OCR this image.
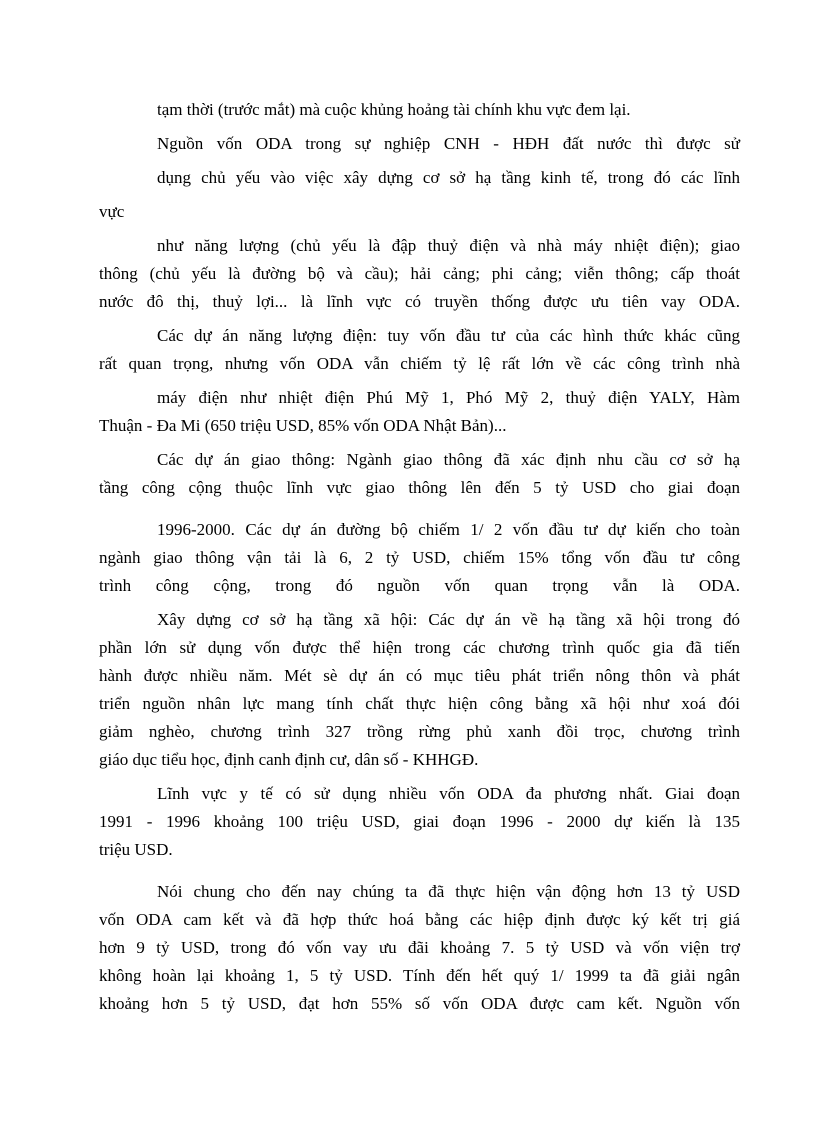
tạm thời (trước mắt) mà cuộc khủng hoảng tài chính khu vực đem lại.
Nguồn vốn ODA trong sự nghiệp CNH - HĐH đất nước thì được sử
dụng chủ yếu vào việc xây dựng cơ sở hạ tầng kinh tế, trong đó các lĩnh
vực
như năng lượng (chủ yếu là đập thuỷ điện và nhà máy nhiệt điện); giao
thông (chủ yếu là đường bộ và cầu); hải cảng; phi cảng; viễn thông; cấp thoát
nước đô thị, thuỷ lợi... là lĩnh vực có truyền thống được ưu tiên vay ODA.
Các dự án năng lượng điện: tuy vốn đầu tư của các hình thức khác cũng
rất quan trọng, nhưng vốn ODA vẫn chiếm tỷ lệ rất lớn về các công trình nhà
máy điện như nhiệt điện Phú Mỹ 1, Phó Mỹ 2, thuỷ điện YALY, Hàm
Thuận - Đa Mi (650 triệu USD, 85% vốn ODA Nhật Bản)...
Các dự án giao thông: Ngành giao thông đã xác định nhu cầu cơ sở hạ
tầng công cộng thuộc lĩnh vực giao thông lên đến 5 tỷ USD cho giai đoạn
1996-2000. Các dự án đường bộ chiếm 1/ 2 vốn đầu tư dự kiến cho toàn
ngành giao thông vận tải là 6, 2 tỷ USD, chiếm 15% tổng vốn đầu tư công
trình công cộng, trong đó nguồn vốn quan trọng vẫn là ODA.
Xây dựng cơ sở hạ tầng xã hội: Các dự án về hạ tầng xã hội trong đó
phần lớn sử dụng vốn được thể hiện trong các chương trình quốc gia đã tiến
hành được nhiều năm. Mét sè dự án có mục tiêu phát triển nông thôn và phát
triển nguồn nhân lực mang tính chất thực hiện công bằng xã hội như xoá đói
giảm nghèo, chương trình 327 trồng rừng phủ xanh đồi trọc, chương trình
giáo dục tiểu học, định canh định cư, dân số - KHHGĐ.
Lĩnh vực y tế có sử dụng nhiều vốn ODA đa phương nhất. Giai đoạn
1991 - 1996 khoảng 100 triệu USD, giai đoạn 1996 - 2000 dự kiến là 135
triệu USD.
Nói chung cho đến nay chúng ta đã thực hiện vận động hơn 13 tỷ USD
vốn ODA cam kết và đã hợp thức hoá bằng các hiệp định được ký kết trị giá
hơn 9 tỷ USD, trong đó vốn vay ưu đãi khoảng 7. 5 tỷ USD và vốn viện trợ
không hoàn lại khoảng 1, 5 tỷ USD. Tính đến hết quý 1/ 1999 ta đã giải ngân
khoảng hơn 5 tỷ USD, đạt hơn 55% số vốn ODA được cam kết. Nguồn vốn
